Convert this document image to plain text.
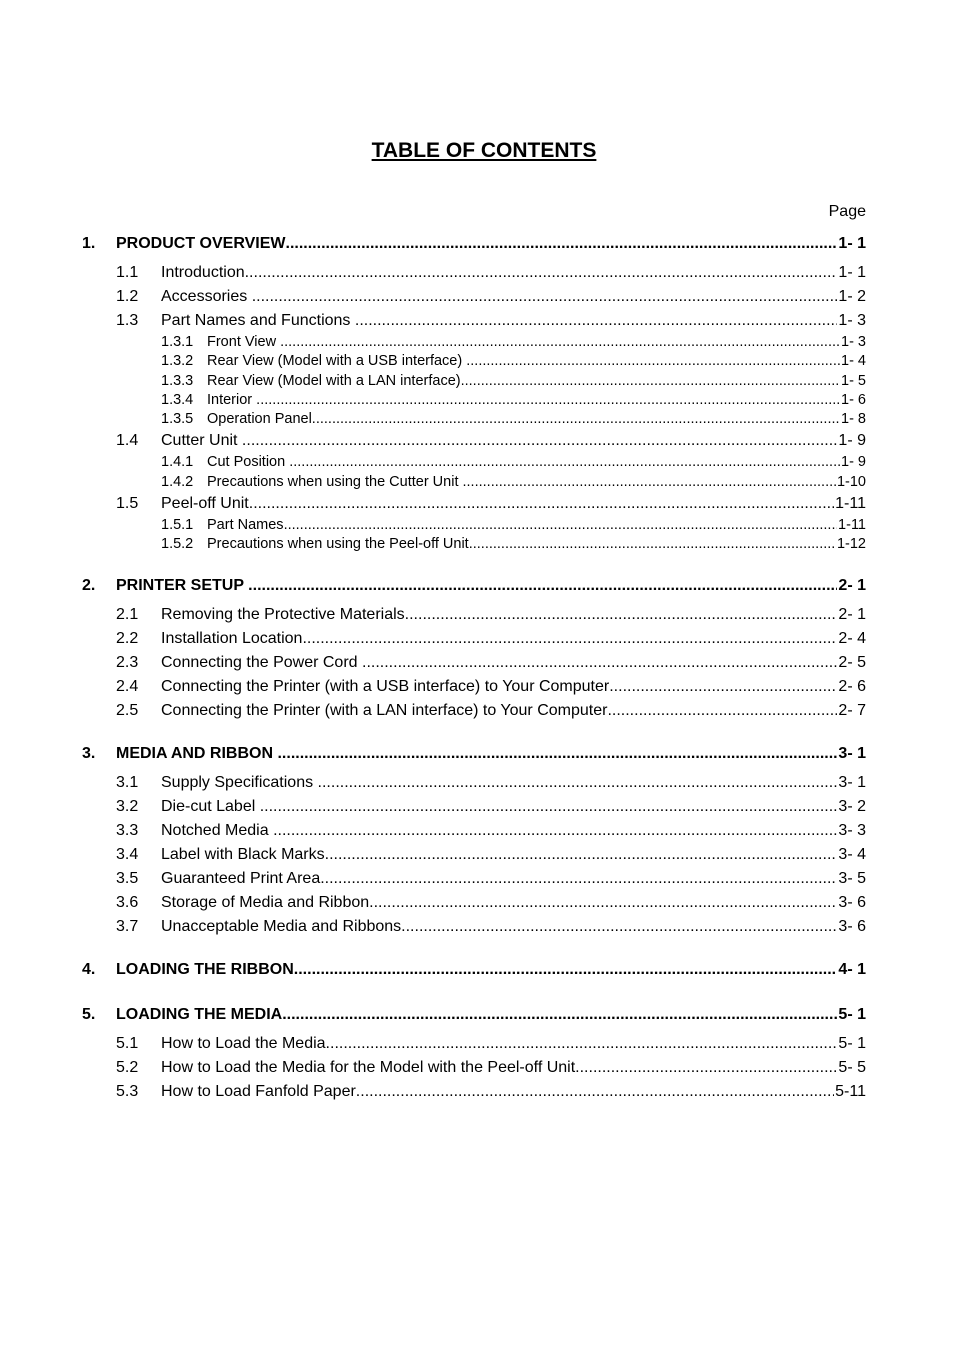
TABLE OF CONTENTS
Page
1.	PRODUCT OVERVIEW .....	1- 1
1.1	Introduction .....	1- 1
1.2	Accessories .....	1- 2
1.3	Part Names and Functions .....	1- 3
1.3.1 Front View .....	1- 3
1.3.2 Rear View (Model with a USB interface) .....	1- 4
1.3.3 Rear View (Model with a LAN interface) .....	1- 5
1.3.4 Interior .....	1- 6
1.3.5 Operation Panel .....	1- 8
1.4	Cutter Unit .....	1- 9
1.4.1 Cut Position .....	1- 9
1.4.2 Precautions when using the Cutter Unit .....	1-10
1.5	Peel-off Unit .....	1-11
1.5.1 Part Names .....	1-11
1.5.2 Precautions when using the Peel-off Unit .....	1-12
2.	PRINTER SETUP .....	2- 1
2.1	Removing the Protective Materials .....	2- 1
2.2	Installation Location .....	2- 4
2.3	Connecting the Power Cord .....	2- 5
2.4	Connecting the Printer (with a USB interface) to Your Computer .....	2- 6
2.5	Connecting the Printer (with a LAN interface) to Your Computer .....	2- 7
3.	MEDIA AND RIBBON .....	3- 1
3.1	Supply Specifications .....	3- 1
3.2	Die-cut Label .....	3- 2
3.3	Notched Media .....	3- 3
3.4	Label with Black Marks .....	3- 4
3.5	Guaranteed Print Area .....	3- 5
3.6	Storage of Media and Ribbon .....	3- 6
3.7	Unacceptable Media and Ribbons .....	3- 6
4.	LOADING THE RIBBON .....	4- 1
5.	LOADING THE MEDIA .....	5- 1
5.1	How to Load the Media .....	5- 1
5.2	How to Load the Media for the Model with the Peel-off Unit .....	5- 5
5.3	How to Load Fanfold Paper .....	5-11
